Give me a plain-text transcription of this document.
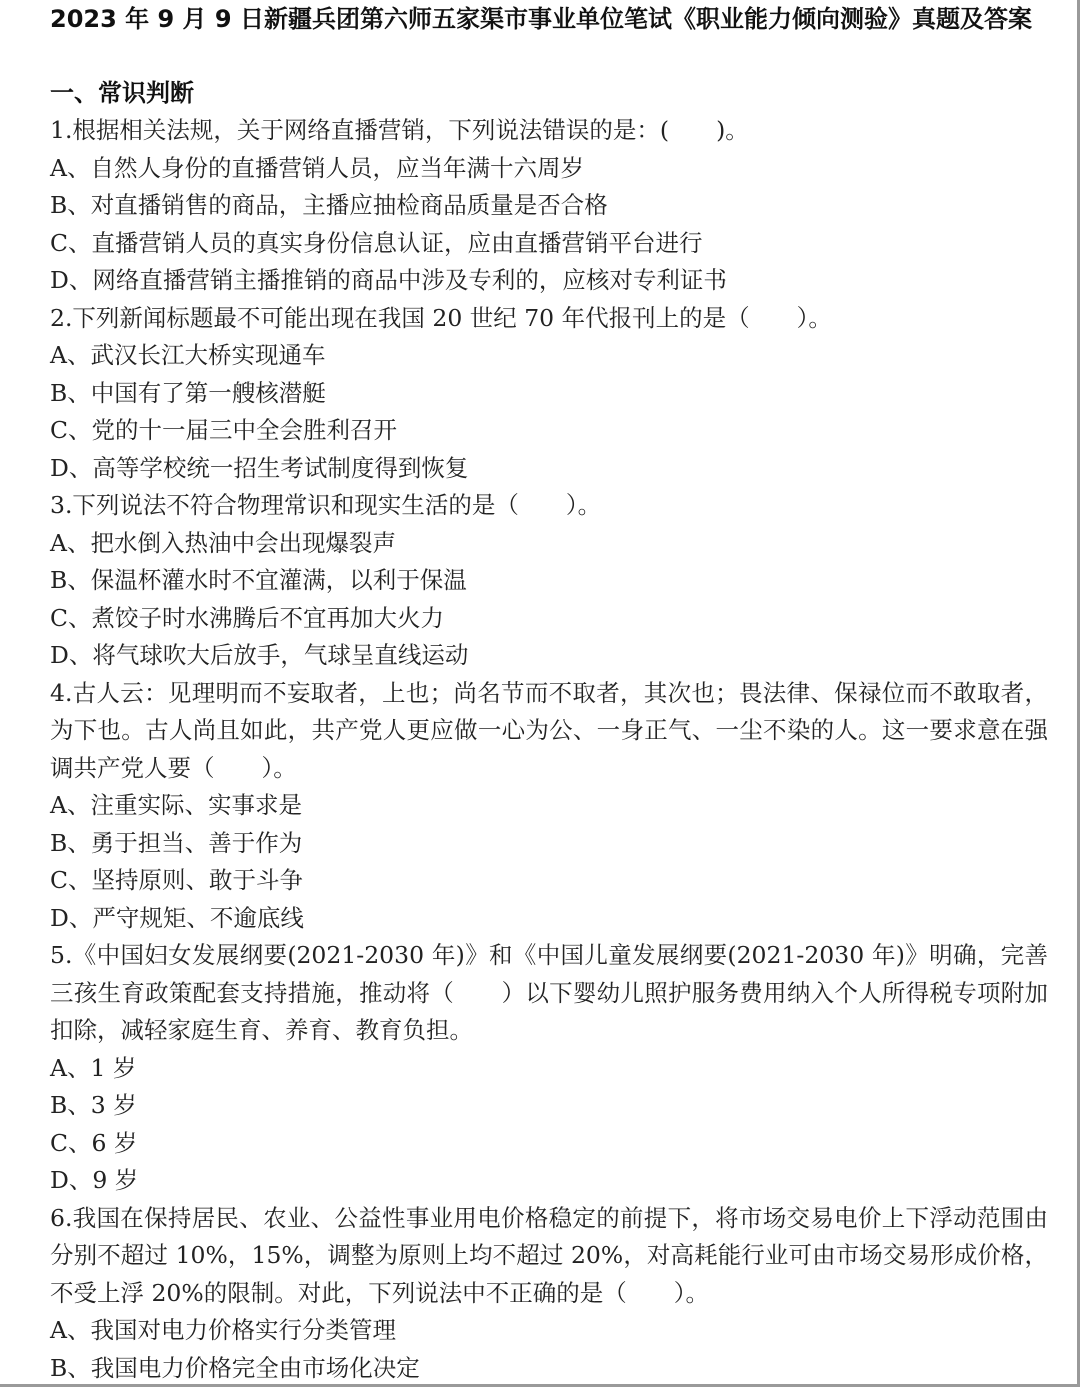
2023 年 9 月 9 日新疆兵团第六师五家渠市事业单位笔试《职业能力倾向测验》真题及答案
一、常识判断
1.根据相关法规，关于网络直播营销，下列说法错误的是：(　　)。
A、自然人身份的直播营销人员，应当年满十六周岁
B、对直播销售的商品，主播应抽检商品质量是否合格
C、直播营销人员的真实身份信息认证，应由直播营销平台进行
D、网络直播营销主播推销的商品中涉及专利的，应核对专利证书
2.下列新闻标题最不可能出现在我国 20 世纪 70 年代报刊上的是（　　）。
A、武汉长江大桥实现通车
B、中国有了第一艘核潜艇
C、党的十一届三中全会胜利召开
D、高等学校统一招生考试制度得到恢复
3.下列说法不符合物理常识和现实生活的是（　　）。
A、把水倒入热油中会出现爆裂声
B、保温杯灌水时不宜灌满，以利于保温
C、煮饺子时水沸腾后不宜再加大火力
D、将气球吹大后放手，气球呈直线运动
4.古人云：见理明而不妄取者，上也；尚名节而不取者，其次也；畏法律、保禄位而不敢取者，为下也。古人尚且如此，共产党人更应做一心为公、一身正气、一尘不染的人。这一要求意在强调共产党人要（　　）。
A、注重实际、实事求是
B、勇于担当、善于作为
C、坚持原则、敢于斗争
D、严守规矩、不逾底线
5.《中国妇女发展纲要(2021-2030 年)》和《中国儿童发展纲要(2021-2030 年)》明确，完善三孩生育政策配套支持措施，推动将（　　）以下婴幼儿照护服务费用纳入个人所得税专项附加扣除，减轻家庭生育、养育、教育负担。
A、1 岁
B、3 岁
C、6 岁
D、9 岁
6.我国在保持居民、农业、公益性事业用电价格稳定的前提下，将市场交易电价上下浮动范围由分别不超过 10%，15%，调整为原则上均不超过 20%，对高耗能行业可由市场交易形成价格，不受上浮 20%的限制。对此，下列说法中不正确的是（　　）。
A、我国对电力价格实行分类管理
B、我国电力价格完全由市场化决定
